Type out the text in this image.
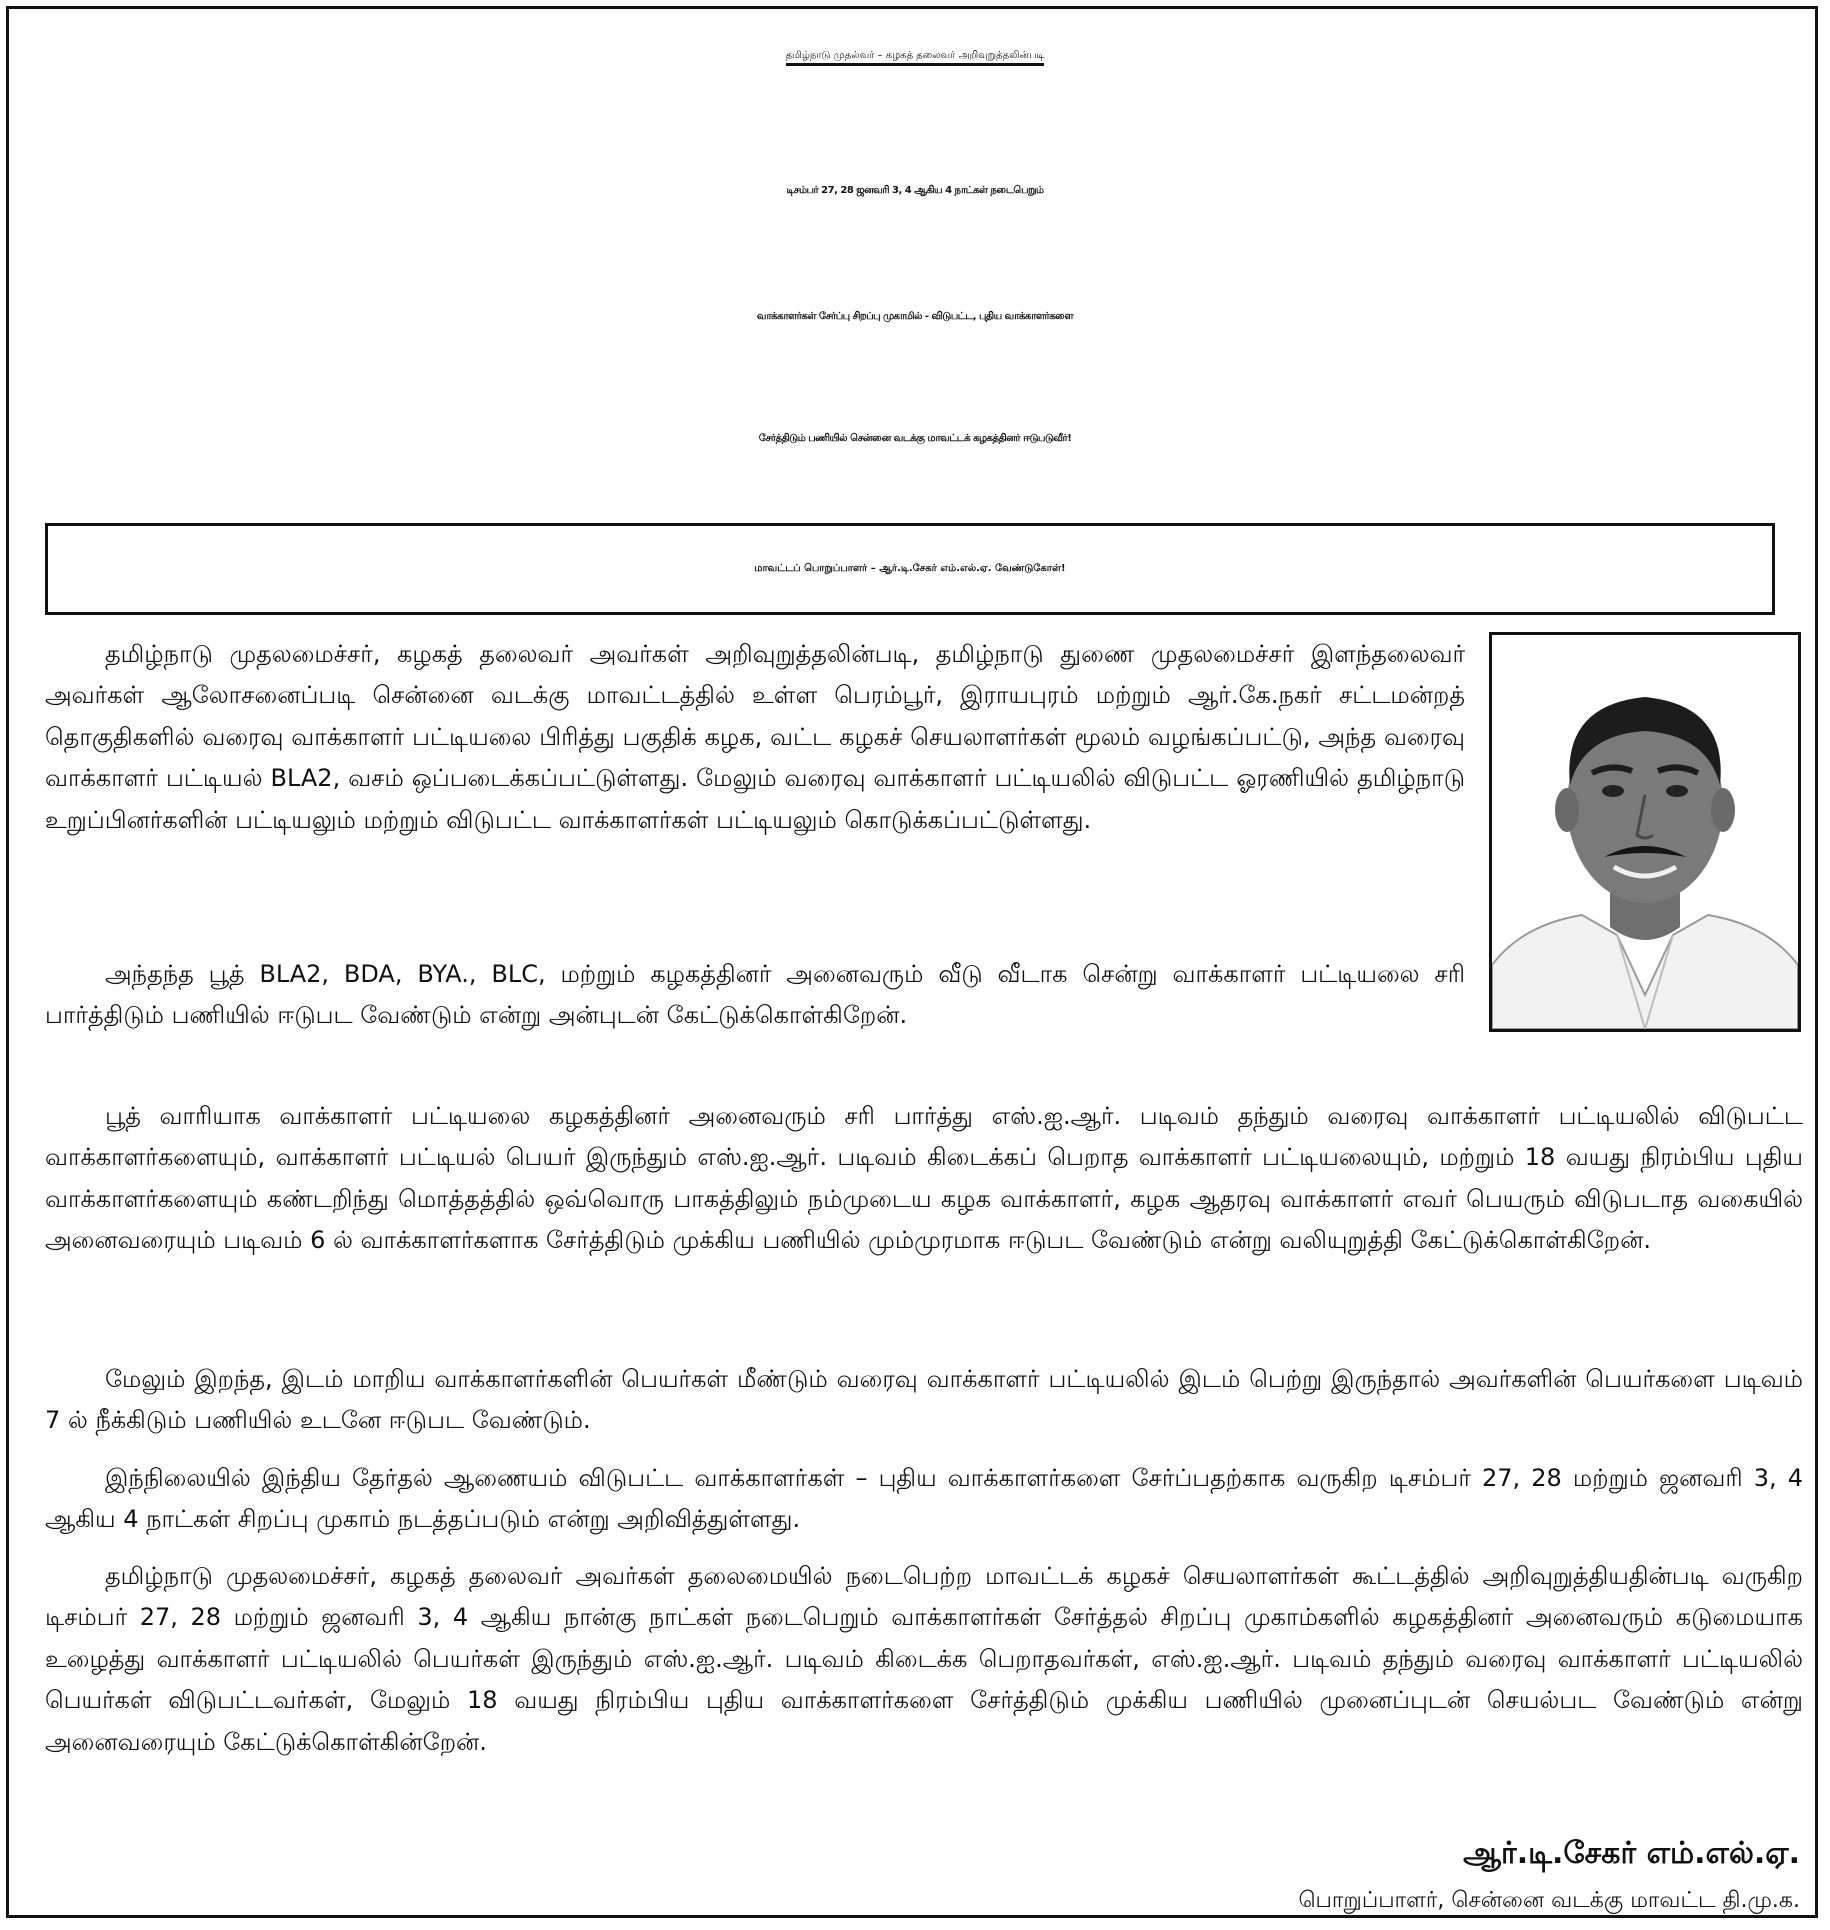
தமிழ்நாடு முதல்வர் – கழகத் தலைவர் அறிவுறுத்தலின்படி
டிசம்பர் 27, 28 ஜனவரி 3, 4 ஆகிய 4 நாட்கள் நடைபெறும்
வாக்காளர்கள் சேர்ப்பு சிறப்பு முகாமில் - விடுபட்ட, புதிய வாக்காளர்களை
சேர்த்திடும் பணியில் சென்னை வடக்கு மாவட்டக் கழகத்தினர் ஈடுபடுவீர்!
மாவட்டப் பொறுப்பாளர் – ஆர்.டி.சேகர் எம்.எல்.ஏ. வேண்டுகோள்!

தமிழ்நாடு முதலமைச்சர், கழகத் தலைவர் அவர்கள் அறிவுறுத்தலின்படி, தமிழ்நாடு துணை முதலமைச்சர் இளந்தலைவர் அவர்கள் ஆலோசனைப்படி சென்னை வடக்கு மாவட்டத்தில் உள்ள பெரம்பூர், இராயபுரம் மற்றும் ஆர்.கே.நகர் சட்டமன்றத் தொகுதிகளில் வரைவு வாக்காளர் பட்டியலை பிரித்து பகுதிக் கழக, வட்ட கழகச் செயலாளர்கள் மூலம் வழங்கப்பட்டு, அந்த வரைவு வாக்காளர் பட்டியல் BLA2, வசம் ஒப்படைக்கப்பட்டுள்ளது. மேலும் வரைவு வாக்காளர் பட்டியலில் விடுபட்ட ஓரணியில் தமிழ்நாடு உறுப்பினர்களின் பட்டியலும் மற்றும் விடுபட்ட வாக்காளர்கள் பட்டியலும் கொடுக்கப்பட்டுள்ளது.

அந்தந்த பூத் BLA2, BDA, BYA., BLC, மற்றும் கழகத்தினர் அனைவரும் வீடு வீடாக சென்று வாக்காளர் பட்டியலை சரி பார்த்திடும் பணியில் ஈடுபட வேண்டும் என்று அன்புடன் கேட்டுக்கொள்கிறேன்.

பூத் வாரியாக வாக்காளர் பட்டியலை கழகத்தினர் அனைவரும் சரி பார்த்து எஸ்.ஐ.ஆர். படிவம் தந்தும் வரைவு வாக்காளர் பட்டியலில் விடுபட்ட வாக்காளர்களையும், வாக்காளர் பட்டியல் பெயர் இருந்தும் எஸ்.ஐ.ஆர். படிவம் கிடைக்கப் பெறாத வாக்காளர் பட்டியலையும், மற்றும் 18 வயது நிரம்பிய புதிய வாக்காளர்களையும் கண்டறிந்து மொத்தத்தில் ஒவ்வொரு பாகத்திலும் நம்முடைய கழக வாக்காளர், கழக ஆதரவு வாக்காளர் எவர் பெயரும் விடுபடாத வகையில் அனைவரையும் படிவம் 6 ல் வாக்காளர்களாக சேர்த்திடும் முக்கிய பணியில் மும்முரமாக ஈடுபட வேண்டும் என்று வலியுறுத்தி கேட்டுக்கொள்கிறேன்.

மேலும் இறந்த, இடம் மாறிய வாக்காளர்களின் பெயர்கள் மீண்டும் வரைவு வாக்காளர் பட்டியலில் இடம் பெற்று இருந்தால் அவர்களின் பெயர்களை படிவம் 7 ல் நீக்கிடும் பணியில் உடனே ஈடுபட வேண்டும்.

இந்நிலையில் இந்திய தேர்தல் ஆணையம் விடுபட்ட வாக்காளர்கள் – புதிய வாக்காளர்களை சேர்ப்பதற்காக வருகிற டிசம்பர் 27, 28 மற்றும் ஜனவரி 3, 4 ஆகிய 4 நாட்கள் சிறப்பு முகாம் நடத்தப்படும் என்று அறிவித்துள்ளது.

தமிழ்நாடு முதலமைச்சர், கழகத் தலைவர் அவர்கள் தலைமையில் நடைபெற்ற மாவட்டக் கழகச் செயலாளர்கள் கூட்டத்தில் அறிவுறுத்தியதின்படி வருகிற டிசம்பர் 27, 28 மற்றும் ஜனவரி 3, 4 ஆகிய நான்கு நாட்கள் நடைபெறும் வாக்காளர்கள் சேர்த்தல் சிறப்பு முகாம்களில் கழகத்தினர் அனைவரும் கடுமையாக உழைத்து வாக்காளர் பட்டியலில் பெயர்கள் இருந்தும் எஸ்.ஐ.ஆர். படிவம் கிடைக்க பெறாதவர்கள், எஸ்.ஐ.ஆர். படிவம் தந்தும் வரைவு வாக்காளர் பட்டியலில் பெயர்கள் விடுபட்டவர்கள், மேலும் 18 வயது நிரம்பிய புதிய வாக்காளர்களை சேர்த்திடும் முக்கிய பணியில் முனைப்புடன் செயல்பட வேண்டும் என்று அனைவரையும் கேட்டுக்கொள்கின்றேன்.

ஆர்.டி.சேகர் எம்.எல்.ஏ.
பொறுப்பாளர், சென்னை வடக்கு மாவட்ட தி.மு.க.
